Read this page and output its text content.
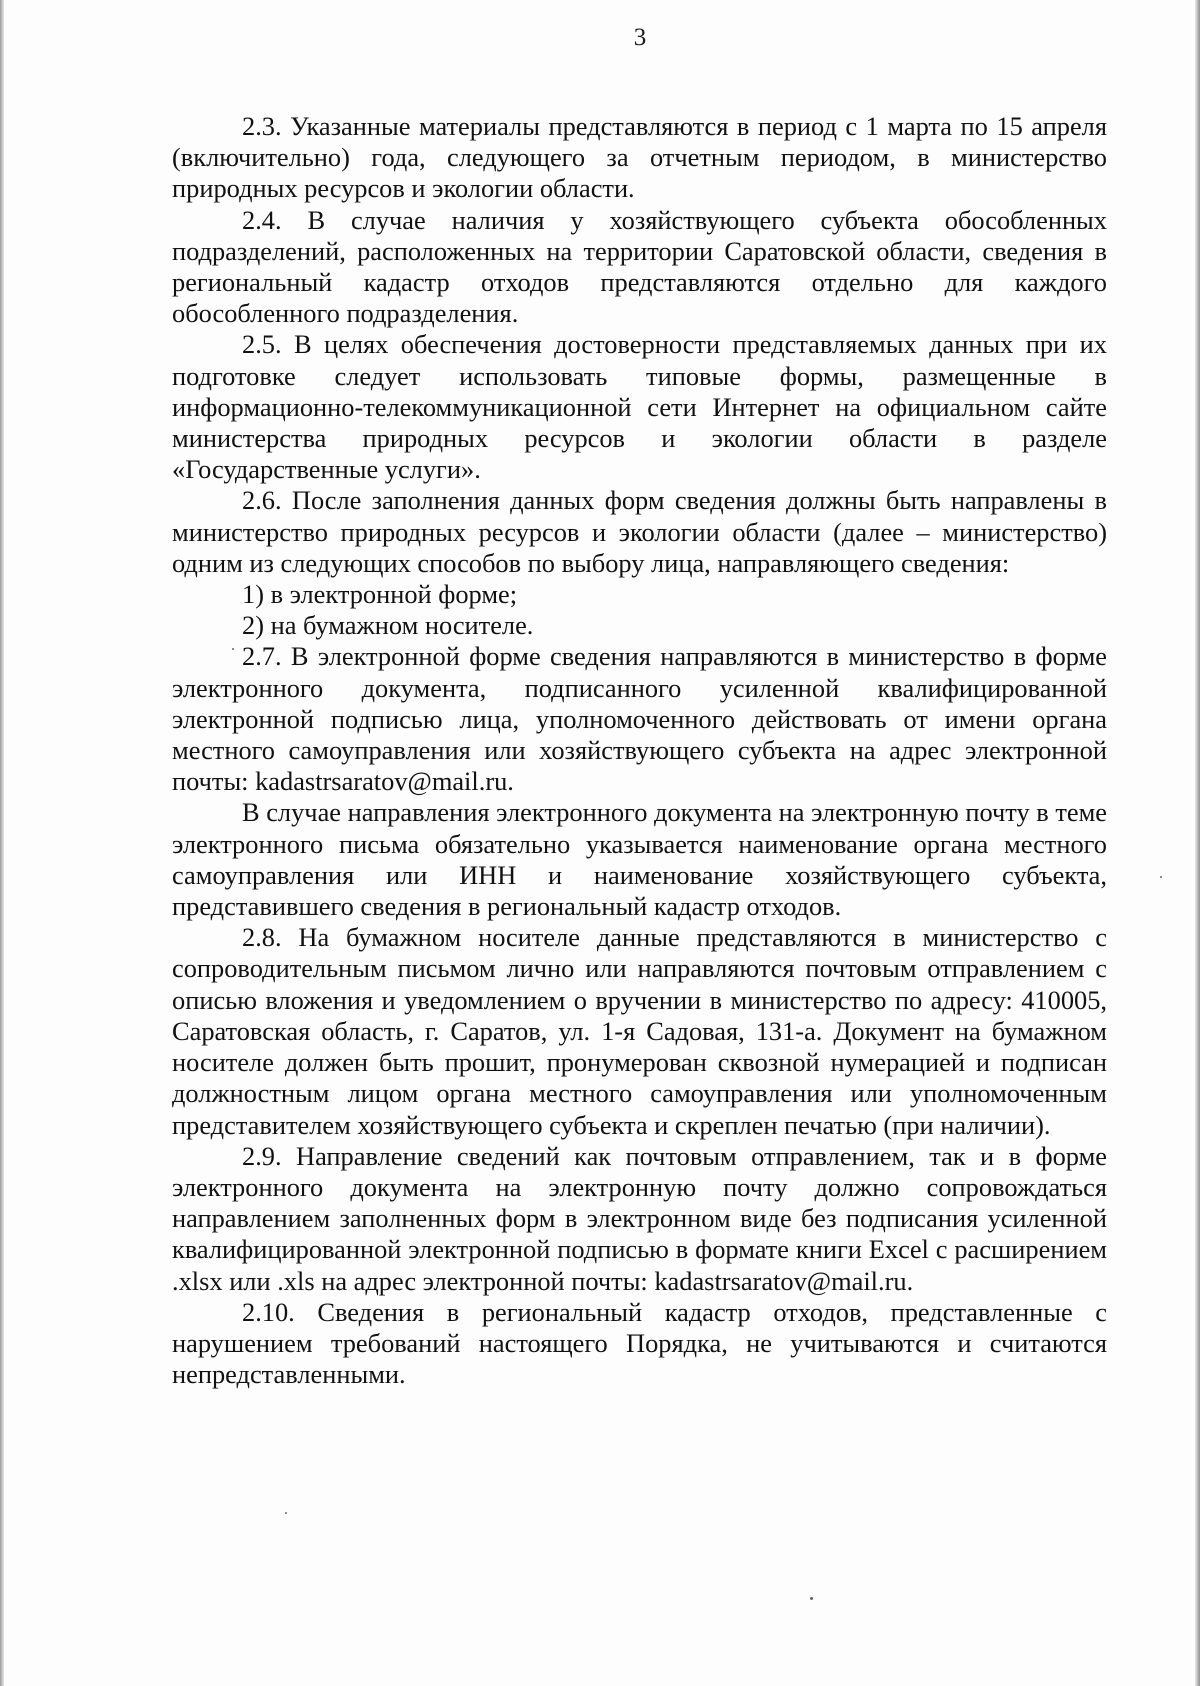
3

2.3. Указанные материалы представляются в период с 1 марта по 15 апреля (включительно) года, следующего за отчетным периодом, в министерство природных ресурсов и экологии области.

2.4. В случае наличия у хозяйствующего субъекта обособленных подразделений, расположенных на территории Саратовской области, сведения в региональный кадастр отходов представляются отдельно для каждого обособленного подразделения.

2.5. В целях обеспечения достоверности представляемых данных при их подготовке следует использовать типовые формы, размещенные в информационно-телекоммуникационной сети Интернет на официальном сайте министерства природных ресурсов и экологии области в разделе «Государственные услуги».

2.6. После заполнения данных форм сведения должны быть направлены в министерство природных ресурсов и экологии области (далее – министерство) одним из следующих способов по выбору лица, направляющего сведения:

1) в электронной форме;

2) на бумажном носителе.

2.7. В электронной форме сведения направляются в министерство в форме электронного документа, подписанного усиленной квалифицированной электронной подписью лица, уполномоченного действовать от имени органа местного самоуправления или хозяйствующего субъекта на адрес электронной почты: kadastrsaratov@mail.ru.

В случае направления электронного документа на электронную почту в теме электронного письма обязательно указывается наименование органа местного самоуправления или ИНН и наименование хозяйствующего субъекта, представившего сведения в региональный кадастр отходов.

2.8. На бумажном носителе данные представляются в министерство с сопроводительным письмом лично или направляются почтовым отправлением с описью вложения и уведомлением о вручении в министерство по адресу: 410005, Саратовская область, г. Саратов, ул. 1-я Садовая, 131-а. Документ на бумажном носителе должен быть прошит, пронумерован сквозной нумерацией и подписан должностным лицом органа местного самоуправления или уполномоченным представителем хозяйствующего субъекта и скреплен печатью (при наличии).

2.9. Направление сведений как почтовым отправлением, так и в форме электронного документа на электронную почту должно сопровождаться направлением заполненных форм в электронном виде без подписания усиленной квалифицированной электронной подписью в формате книги Excel с расширением .xlsx или .xls на адрес электронной почты: kadastrsaratov@mail.ru.

2.10. Сведения в региональный кадастр отходов, представленные с нарушением требований настоящего Порядка, не учитываются и считаются непредставленными.
